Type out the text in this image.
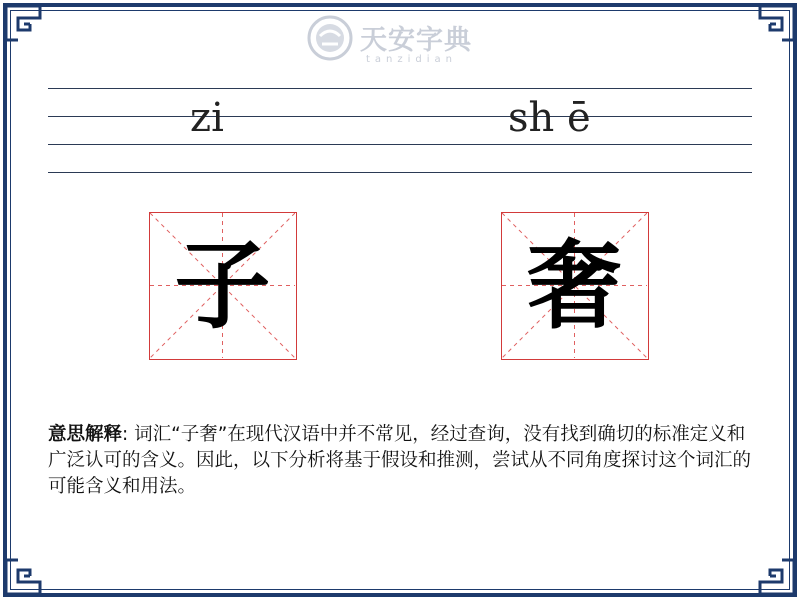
天安字典
tanzidian
zi	sh ē
子	奢
意思解释: 词汇“子奢”在现代汉语中并不常见，经过查询，没有找到确切的标准定义和广泛认可的含义。因此，以下分析将基于假设和推测，尝试从不同角度探讨这个词汇的可能含义和用法。
